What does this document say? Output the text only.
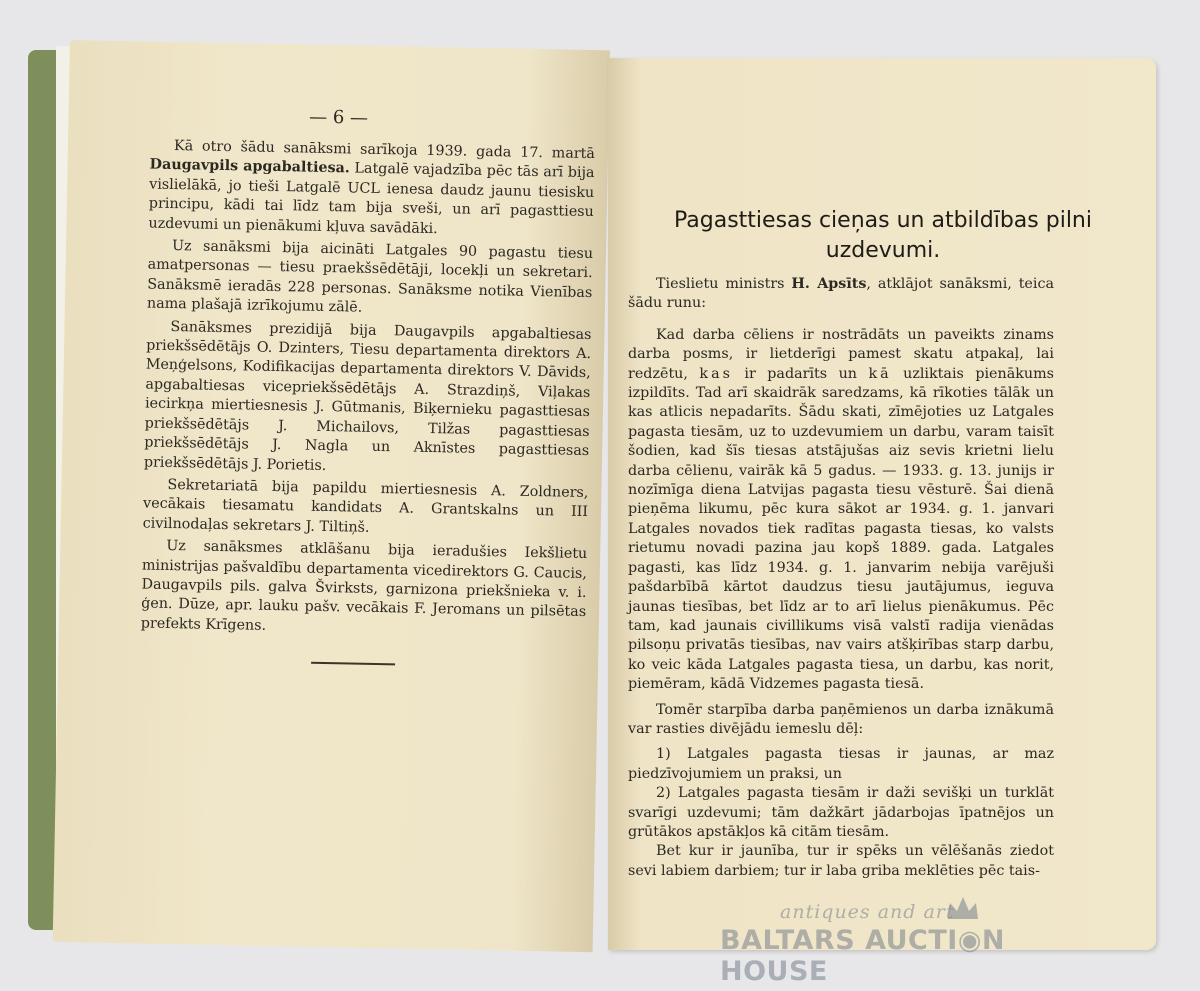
— 6 —

Kā otro šādu sanāksmi sarīkoja 1939. gada 17. martā Daugavpils apgabaltiesa. Latgalē vajadzība pēc tās arī bija vislielākā, jo tieši Latgalē UCL ienesa daudz jaunu tiesisku principu, kādi tai līdz tam bija sveši, un arī pagasttiesu uzdevumi un pienākumi kļuva savādāki.

Uz sanāksmi bija aicināti Latgales 90 pagastu tiesu amatpersonas — tiesu praekšsēdētāji, locekļi un sekretari. Sanāksmē ieradās 228 personas. Sanāksme notika Vienības nama plašajā izrīkojumu zālē.

Sanāksmes prezidijā bija Daugavpils apgabaltiesas priekšsēdētājs O. Dzinters, Tiesu departamenta direktors A. Meņģelsons, Kodifikacijas departamenta direktors V. Dāvids, apgabaltiesas vicepriekšsēdētājs A. Strazdiņš, Viļakas iecirkņa miertiesnesis J. Gūtmanis, Biķernieku pagasttiesas priekšsēdētājs J. Michailovs, Tilžas pagasttiesas priekšsēdētājs J. Nagla un Aknīstes pagasttiesas priekšsēdētājs J. Porietis.

Sekretariatā bija papildu miertiesnesis A. Zoldners, vecākais tiesamatu kandidats A. Grantskalns un III civilnodaļas sekretars J. Tiltiņš.

Uz sanāksmes atklāšanu bija ieradušies Iekšlietu ministrijas pašvaldību departamenta vicedirektors G. Caucis, Daugavpils pils. galva Švirksts, garnizona priekšnieka v. i. ģen. Dūze, apr. lauku pašv. vecākais F. Jeromans un pilsētas prefekts Krīgens.

Pagasttiesas cieņas un atbildības pilni uzdevumi.

Tieslietu ministrs H. Apsīts, atklājot sanāksmi, teica šādu runu:

Kad darba cēliens ir nostrādāts un paveikts zinams darba posms, ir lietderīgi pamest skatu atpakaļ, lai redzētu, kas ir padarīts un kā uzliktais pienākums izpildīts. Tad arī skaidrāk saredzams, kā rīkoties tālāk un kas atlicis nepadarīts. Šādu skati, zīmējoties uz Latgales pagasta tiesām, uz to uzdevumiem un darbu, varam taisīt šodien, kad šīs tiesas atstājušas aiz sevis krietni lielu darba cēlienu, vairāk kā 5 gadus. — 1933. g. 13. junijs ir nozīmīga diena Latvijas pagasta tiesu vēsturē. Šai dienā pieņēma likumu, pēc kura sākot ar 1934. g. 1. janvari Latgales novados tiek radītas pagasta tiesas, ko valsts rietumu novadi pazina jau kopš 1889. gada. Latgales pagasti, kas līdz 1934. g. 1. janvarim nebija varējuši pašdarbībā kārtot daudzus tiesu jautājumus, ieguva jaunas tiesības, bet līdz ar to arī lielus pienākumus. Pēc tam, kad jaunais civillikums visā valstī radija vienādas pilsoņu privatās tiesības, nav vairs atšķirības starp darbu, ko veic kāda Latgales pagasta tiesa, un darbu, kas norit, piemēram, kādā Vidzemes pagasta tiesā.

Tomēr starpība darba paņēmienos un darba iznākumā var rasties divējādu iemeslu dēļ:

1) Latgales pagasta tiesas ir jaunas, ar maz piedzīvojumiem un praksi, un

2) Latgales pagasta tiesām ir daži sevišķi un turklāt svarīgi uzdevumi; tām dažkārt jādarbojas īpatnējos un grūtākos apstākļos kā citām tiesām.

Bet kur ir jaunība, tur ir spēks un vēlēšanās ziedot sevi labiem darbiem; tur ir laba griba meklēties pēc tais-

antiques and art
BALTARS AUCTI◉N HOUSE
